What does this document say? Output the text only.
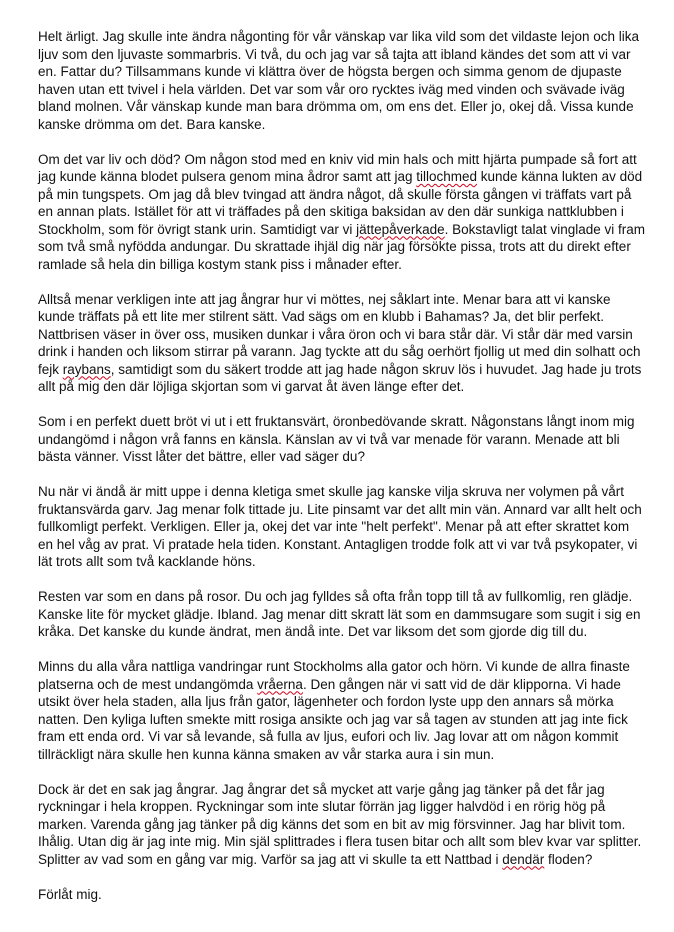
Helt ärligt. Jag skulle inte ändra någonting för vår vänskap var lika vild som det vildaste lejon och lika ljuv som den ljuvaste sommarbris. Vi två, du och jag var så tajta att ibland kändes det som att vi var en. Fattar du? Tillsammans kunde vi klättra över de högsta bergen och simma genom de djupaste haven utan ett tvivel i hela världen. Det var som vår oro rycktes iväg med vinden och svävade iväg bland molnen. Vår vänskap kunde man bara drömma om, om ens det. Eller jo, okej då. Vissa kunde kanske drömma om det. Bara kanske.

Om det var liv och död? Om någon stod med en kniv vid min hals och mitt hjärta pumpade så fort att jag kunde känna blodet pulsera genom mina ådror samt att jag tillochmed kunde känna lukten av död på min tungspets. Om jag då blev tvingad att ändra något, då skulle första gången vi träffats vart på en annan plats. Istället för att vi träffades på den skitiga baksidan av den där sunkiga nattklubben i Stockholm, som för övrigt stank urin. Samtidigt var vi jättepåverkade. Bokstavligt talat vinglade vi fram som två små nyfödda andungar. Du skrattade ihjäl dig när jag försökte pissa, trots att du direkt efter ramlade så hela din billiga kostym stank piss i månader efter.

Alltså menar verkligen inte att jag ångrar hur vi möttes, nej såklart inte. Menar bara att vi kanske kunde träffats på ett lite mer stilrent sätt. Vad sägs om en klubb i Bahamas? Ja, det blir perfekt. Nattbrisen väser in över oss, musiken dunkar i våra öron och vi bara står där. Vi står där med varsin drink i handen och liksom stirrar på varann. Jag tyckte att du såg oerhört fjollig ut med din solhatt och fejk raybans, samtidigt som du säkert trodde att jag hade någon skruv lös i huvudet. Jag hade ju trots allt på mig den där löjliga skjortan som vi garvat åt även länge efter det.

Som i en perfekt duett bröt vi ut i ett fruktansvärt, öronbedövande skratt. Någonstans långt inom mig undangömd i någon vrå fanns en känsla. Känslan av vi två var menade för varann. Menade att bli bästa vänner. Visst låter det bättre, eller vad säger du?

Nu när vi ändå är mitt uppe i denna kletiga smet skulle jag kanske vilja skruva ner volymen på vårt fruktansvärda garv. Jag menar folk tittade ju. Lite pinsamt var det allt min vän. Annard var allt helt och fullkomligt perfekt. Verkligen. Eller ja, okej det var inte "helt perfekt". Menar på att efter skrattet kom en hel våg av prat. Vi pratade hela tiden. Konstant. Antagligen trodde folk att vi var två psykopater, vi lät trots allt som två kacklande höns.

Resten var som en dans på rosor. Du och jag fylldes så ofta från topp till tå av fullkomlig, ren glädje. Kanske lite för mycket glädje. Ibland. Jag menar ditt skratt lät som en dammsugare som sugit i sig en kråka. Det kanske du kunde ändrat, men ändå inte. Det var liksom det som gjorde dig till du.

Minns du alla våra nattliga vandringar runt Stockholms alla gator och hörn. Vi kunde de allra finaste platserna och de mest undangömda vråerna. Den gången när vi satt vid de där klipporna. Vi hade utsikt över hela staden, alla ljus från gator, lägenheter och fordon lyste upp den annars så mörka natten. Den kyliga luften smekte mitt rosiga ansikte och jag var så tagen av stunden att jag inte fick fram ett enda ord. Vi var så levande, så fulla av ljus, eufori och liv. Jag lovar att om någon kommit tillräckligt nära skulle hen kunna känna smaken av vår starka aura i sin mun.

Dock är det en sak jag ångrar. Jag ångrar det så mycket att varje gång jag tänker på det får jag ryckningar i hela kroppen. Ryckningar som inte slutar förrän jag ligger halvdöd i en rörig hög på marken. Varenda gång jag tänker på dig känns det som en bit av mig försvinner. Jag har blivit tom. Ihålig. Utan dig är jag inte mig. Min själ splittrades i flera tusen bitar och allt som blev kvar var splitter. Splitter av vad som en gång var mig. Varför sa jag att vi skulle ta ett Nattbad i dendär floden?

Förlåt mig.
